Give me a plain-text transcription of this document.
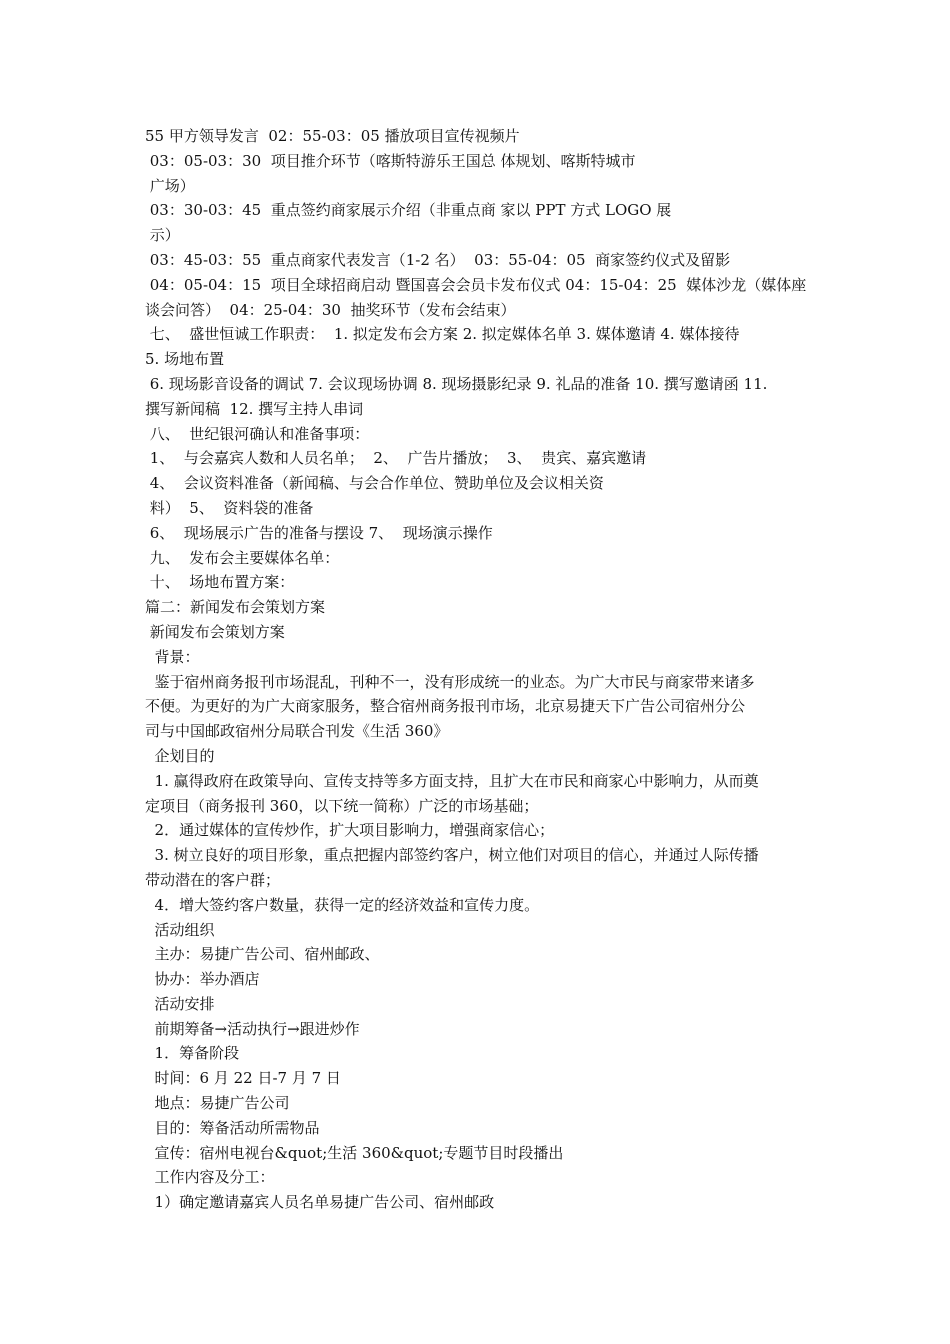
55 甲方领导发言  02：55-03：05 播放项目宣传视频片
03：05-03：30  项目推介环节（喀斯特游乐王国总 体规划、喀斯特城市
广场）
03：30-03：45  重点签约商家展示介绍（非重点商 家以 PPT 方式 LOGO 展
示）
03：45-03：55  重点商家代表发言（1-2 名）  03：55-04：05  商家签约仪式及留影
04：05-04：15  项目全球招商启动 暨国喜会会员卡发布仪式 04：15-04：25  媒体沙龙（媒体座
谈会问答）  04：25-04：30  抽奖环节（发布会结束）
七、  盛世恒诚工作职责：  1. 拟定发布会方案 2. 拟定媒体名单 3. 媒体邀请 4. 媒体接待
5. 场地布置
6. 现场影音设备的调试 7. 会议现场协调 8. 现场摄影纪录 9. 礼品的准备 10. 撰写邀请函 11.
撰写新闻稿  12. 撰写主持人串词
八、  世纪银河确认和准备事项：
1、  与会嘉宾人数和人员名单；  2、  广告片播放；  3、  贵宾、嘉宾邀请
4、  会议资料准备（新闻稿、与会合作单位、赞助单位及会议相关资
料）  5、  资料袋的准备
6、  现场展示广告的准备与摆设 7、  现场演示操作
九、  发布会主要媒体名单：
十、  场地布置方案：
篇二：新闻发布会策划方案
新闻发布会策划方案
背景：
鉴于宿州商务报刊市场混乱，刊种不一，没有形成统一的业态。为广大市民与商家带来诸多
不便。为更好的为广大商家服务，整合宿州商务报刊市场，北京易捷天下广告公司宿州分公
司与中国邮政宿州分局联合刊发《生活 360》
企划目的
1. 赢得政府在政策导向、宣传支持等多方面支持，且扩大在市民和商家心中影响力，从而奠
定项目（商务报刊 360，以下统一简称）广泛的市场基础；
2．通过媒体的宣传炒作，扩大项目影响力，增强商家信心；
3. 树立良好的项目形象，重点把握内部签约客户，树立他们对项目的信心，并通过人际传播
带动潜在的客户群；
4．增大签约客户数量，获得一定的经济效益和宣传力度。
活动组织
主办：易捷广告公司、宿州邮政、
协办：举办酒店
活动安排
前期筹备→活动执行→跟进炒作
1．筹备阶段
时间：6 月 22 日-7 月 7 日
地点：易捷广告公司
目的：筹备活动所需物品
宣传：宿州电视台&quot;生活 360&quot;专题节目时段播出
工作内容及分工：
1）确定邀请嘉宾人员名单易捷广告公司、宿州邮政
